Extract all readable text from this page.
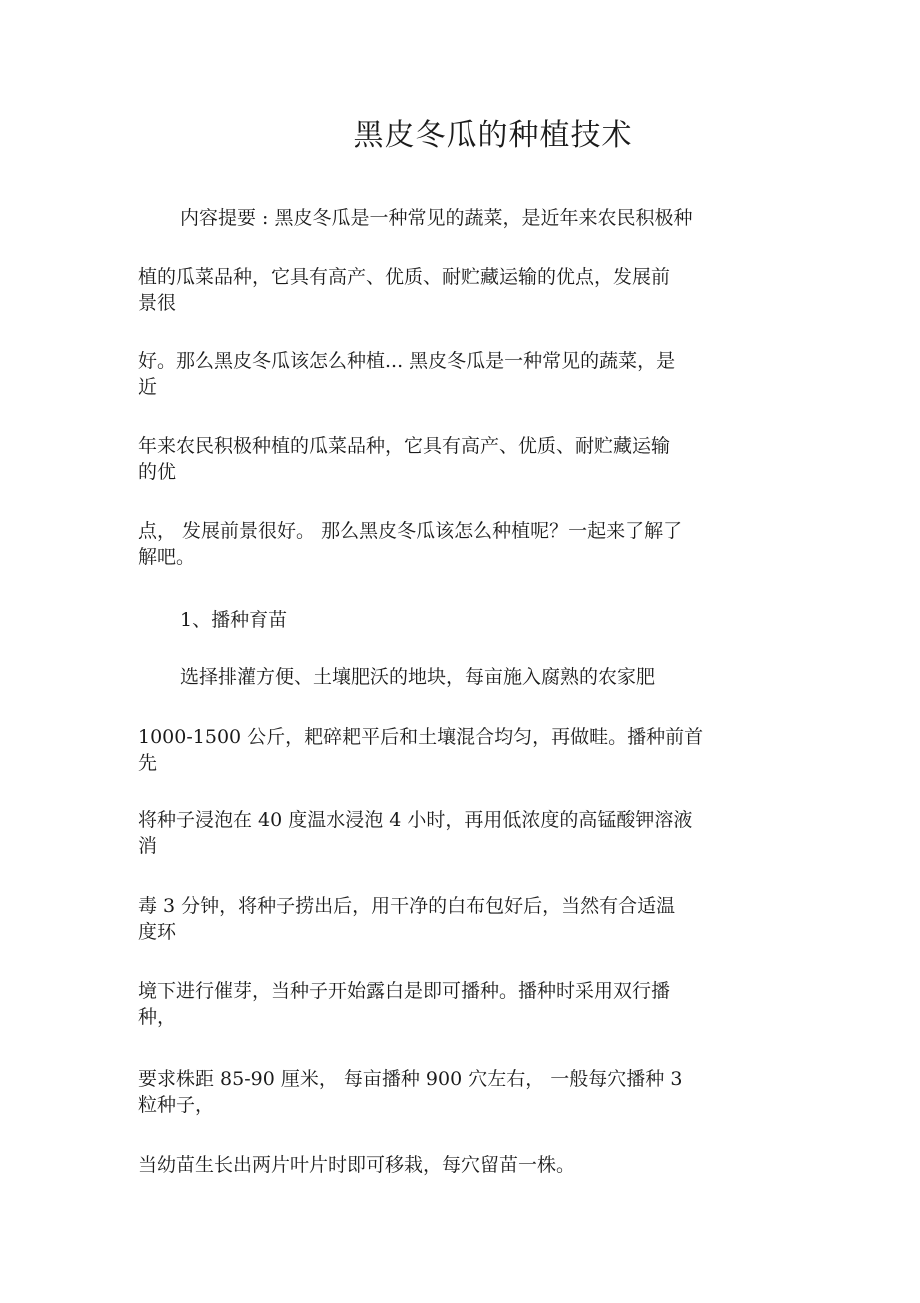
黑皮冬瓜的种植技术

内容提要 : 黑皮冬瓜是一种常见的蔬菜，是近年来农民积极种

植的瓜菜品种，它具有高产、优质、耐贮藏运输的优点，发展前
景很

好。那么黑皮冬瓜该怎么种植... 黑皮冬瓜是一种常见的蔬菜，是
近

年来农民积极种植的瓜菜品种，它具有高产、优质、耐贮藏运输
的优

点， 发展前景很好。 那么黑皮冬瓜该怎么种植呢？一起来了解了
解吧。

1、播种育苗

选择排灌方便、土壤肥沃的地块，每亩施入腐熟的农家肥

1000-1500 公斤，耙碎耙平后和土壤混合均匀，再做畦。播种前首
先

将种子浸泡在 40 度温水浸泡 4 小时，再用低浓度的高锰酸钾溶液
消

毒 3 分钟，将种子捞出后，用干净的白布包好后，当然有合适温
度环

境下进行催芽，当种子开始露白是即可播种。播种时采用双行播
种，

要求株距 85-90 厘米， 每亩播种 900 穴左右， 一般每穴播种 3
粒种子，

当幼苗生长出两片叶片时即可移栽，每穴留苗一株。
